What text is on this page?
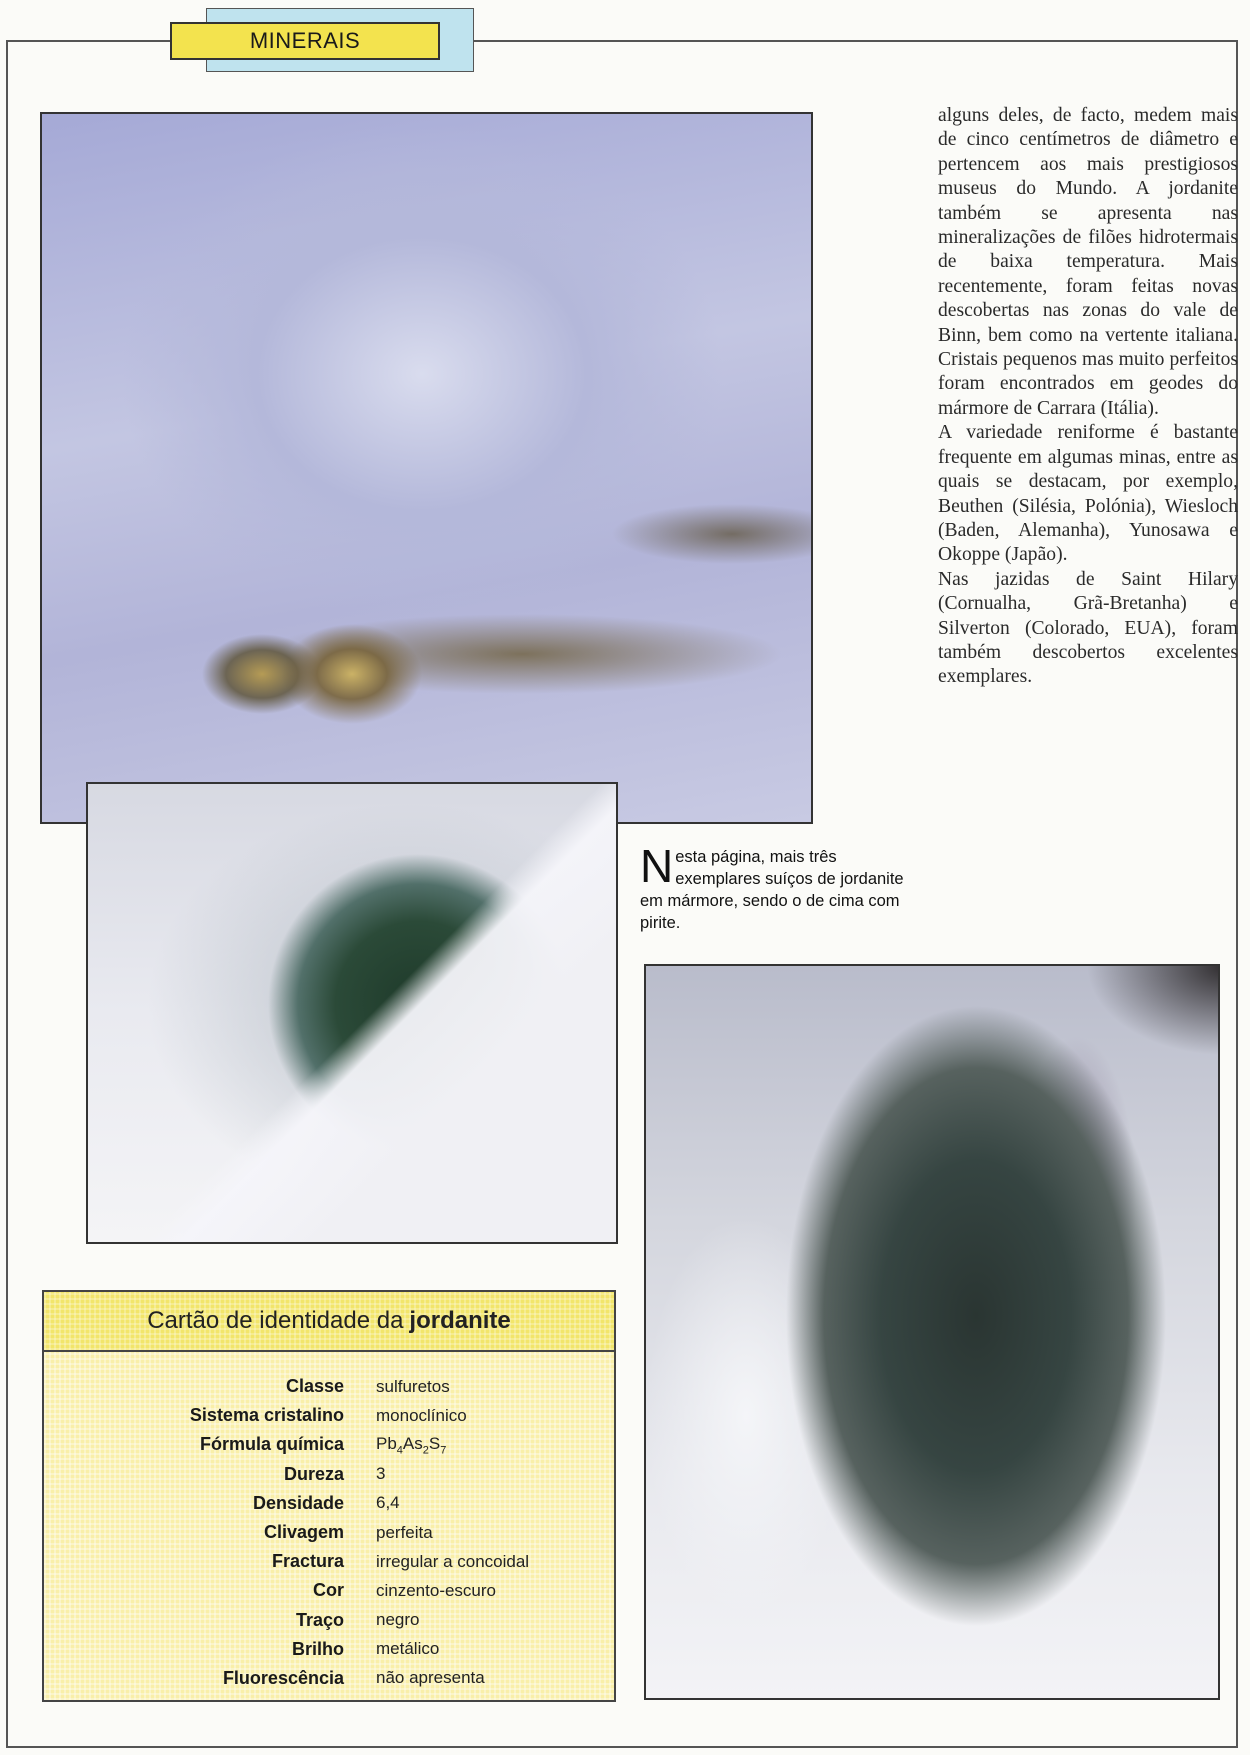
MINERAIS

alguns deles, de facto, medem mais de cinco centímetros de diâmetro e pertencem aos mais prestigiosos museus do Mundo. A jordanite também se apresenta nas mineralizações de filões hidrotermais de baixa temperatura. Mais recentemente, foram feitas novas descobertas nas zonas do vale de Binn, bem como na vertente italiana. Cristais pequenos mas muito perfeitos foram encontrados em geodes do mármore de Carrara (Itália).

A variedade reniforme é bastante frequente em algumas minas, entre as quais se destacam, por exemplo, Beuthen (Silésia, Polónia), Wiesloch (Baden, Alemanha), Yunosawa e Okoppe (Japão).

Nas jazidas de Saint Hilary (Cornualha, Grã-Bretanha) e Silverton (Colorado, EUA), foram também descobertos excelentes exemplares.

Nesta página, mais três exemplares suíços de jordanite em mármore, sendo o de cima com pirite.
Cartão de identidade da jordanite
Classe sulfuretos
Sistema cristalino monoclínico
Fórmula química $Pb_4As_2S_7$
Dureza 3
Densidade 6,4
Clivagem perfeita
Fractura irregular a concoidal
Cor cinzento-escuro
Traço negro
Brilho metálico
Fluorescência não apresenta
